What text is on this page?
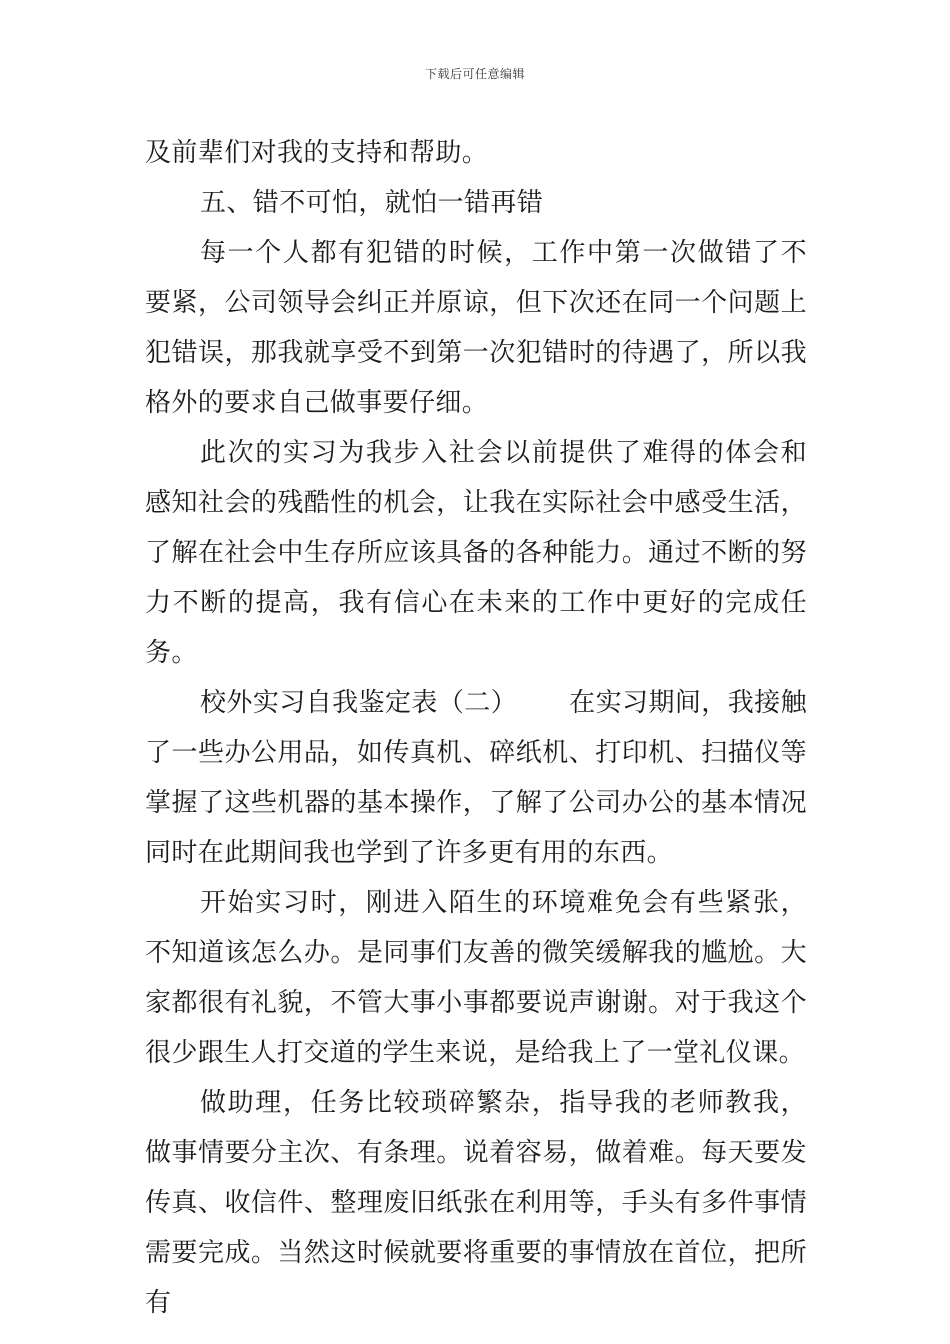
下载后可任意编辑

及前辈们对我的支持和帮助。

五、错不可怕，就怕一错再错

每一个人都有犯错的时候，工作中第一次做错了不要紧，公司领导会纠正并原谅，但下次还在同一个问题上犯错误，那我就享受不到第一次犯错时的待遇了，所以我格外的要求自己做事要仔细。

此次的实习为我步入社会以前提供了难得的体会和感知社会的残酷性的机会，让我在实际社会中感受生活，了解在社会中生存所应该具备的各种能力。通过不断的努力不断的提高，我有信心在未来的工作中更好的完成任务。

校外实习自我鉴定表（二） 在实习期间，我接触了一些办公用品，如传真机、碎纸机、打印机、扫描仪等掌握了这些机器的基本操作，了解了公司办公的基本情况同时在此期间我也学到了许多更有用的东西。

开始实习时，刚进入陌生的环境难免会有些紧张，不知道该怎么办。是同事们友善的微笑缓解我的尴尬。大家都很有礼貌，不管大事小事都要说声谢谢。对于我这个很少跟生人打交道的学生来说，是给我上了一堂礼仪课。

做助理，任务比较琐碎繁杂，指导我的老师教我，做事情要分主次、有条理。说着容易，做着难。每天要发传真、收信件、整理废旧纸张在利用等，手头有多件事情需要完成。当然这时候就要将重要的事情放在首位，把所有
